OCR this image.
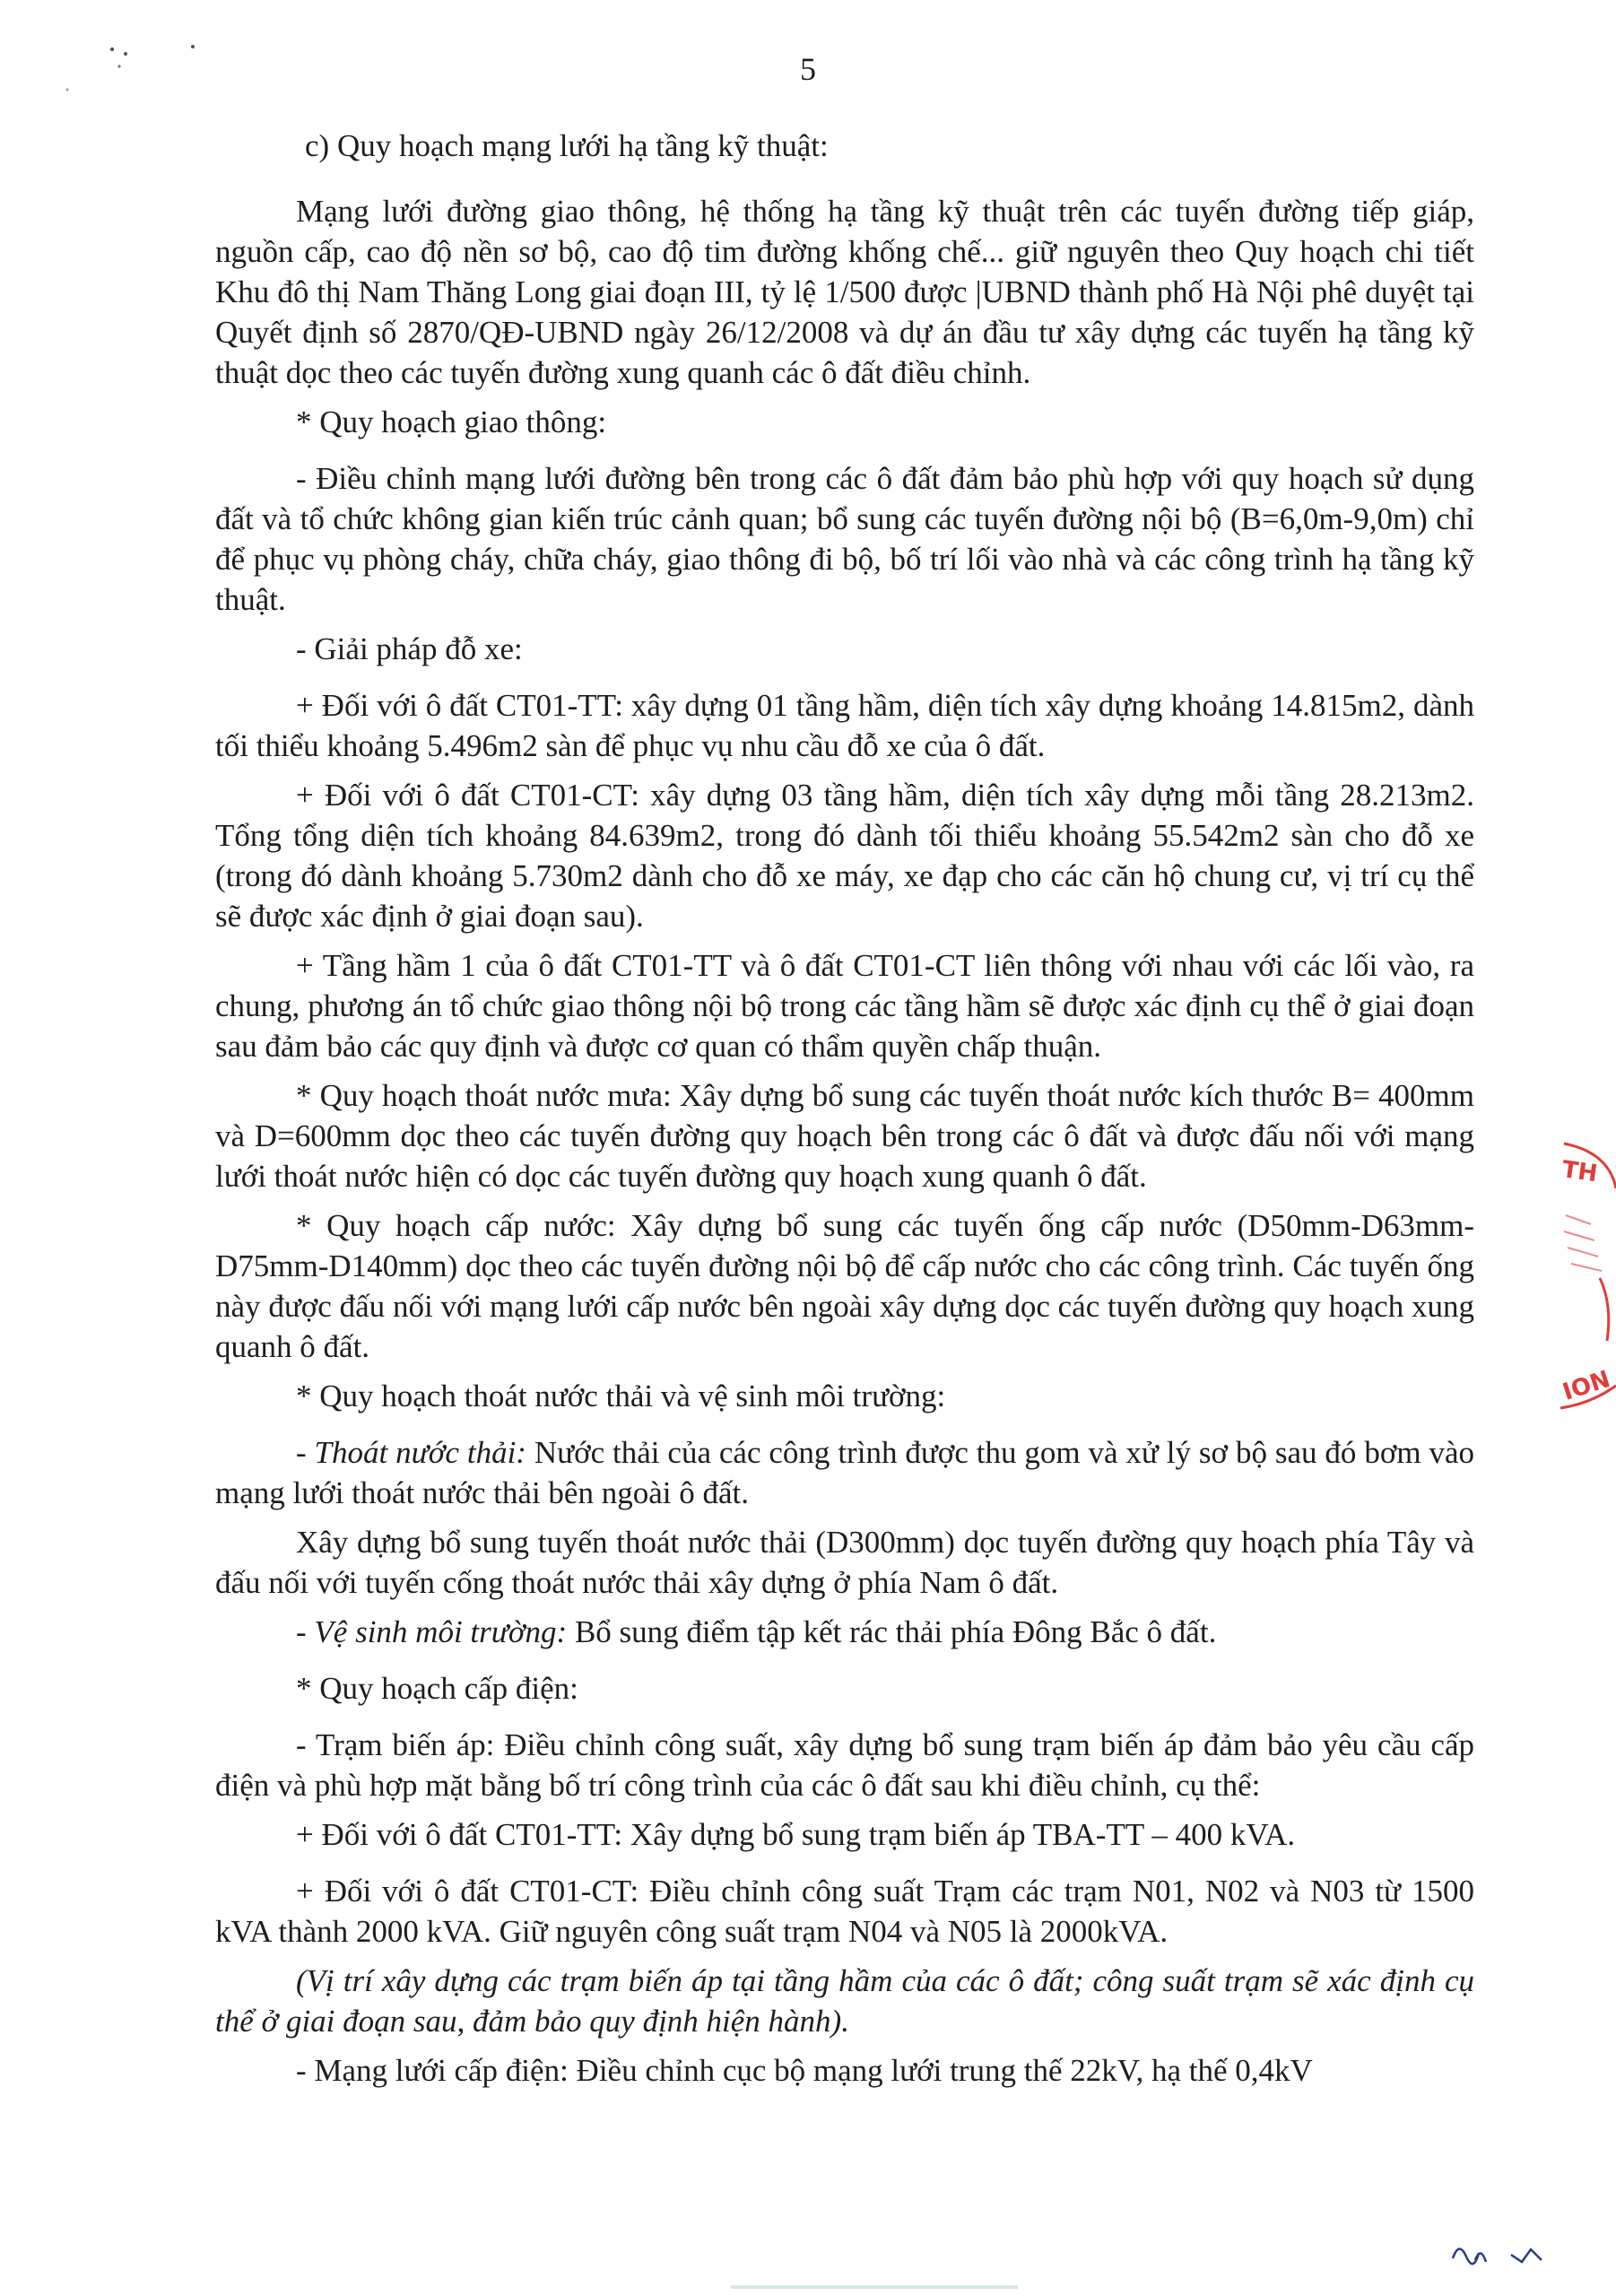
5

c) Quy hoạch mạng lưới hạ tầng kỹ thuật:

Mạng lưới đường giao thông, hệ thống hạ tầng kỹ thuật trên các tuyến đường tiếp giáp, nguồn cấp, cao độ nền sơ bộ, cao độ tim đường khống chế... giữ nguyên theo Quy hoạch chi tiết Khu đô thị Nam Thăng Long giai đoạn III, tỷ lệ 1/500 được |UBND thành phố Hà Nội phê duyệt tại Quyết định số 2870/QĐ-UBND ngày 26/12/2008 và dự án đầu tư xây dựng các tuyến hạ tầng kỹ thuật dọc theo các tuyến đường xung quanh các ô đất điều chỉnh.

* Quy hoạch giao thông:

- Điều chỉnh mạng lưới đường bên trong các ô đất đảm bảo phù hợp với quy hoạch sử dụng đất và tổ chức không gian kiến trúc cảnh quan; bổ sung các tuyến đường nội bộ (B=6,0m-9,0m) chỉ để phục vụ phòng cháy, chữa cháy, giao thông đi bộ, bố trí lối vào nhà và các công trình hạ tầng kỹ thuật.

- Giải pháp đỗ xe:

+ Đối với ô đất CT01-TT: xây dựng 01 tầng hầm, diện tích xây dựng khoảng 14.815m2, dành tối thiểu khoảng 5.496m2 sàn để phục vụ nhu cầu đỗ xe của ô đất.

+ Đối với ô đất CT01-CT: xây dựng 03 tầng hầm, diện tích xây dựng mỗi tầng 28.213m2. Tổng tổng diện tích khoảng 84.639m2, trong đó dành tối thiểu khoảng 55.542m2 sàn cho đỗ xe (trong đó dành khoảng 5.730m2 dành cho đỗ xe máy, xe đạp cho các căn hộ chung cư, vị trí cụ thể sẽ được xác định ở giai đoạn sau).

+ Tầng hầm 1 của ô đất CT01-TT và ô đất CT01-CT liên thông với nhau với các lối vào, ra chung, phương án tổ chức giao thông nội bộ trong các tầng hầm sẽ được xác định cụ thể ở giai đoạn sau đảm bảo các quy định và được cơ quan có thẩm quyền chấp thuận.

* Quy hoạch thoát nước mưa: Xây dựng bổ sung các tuyến thoát nước kích thước B= 400mm và D=600mm dọc theo các tuyến đường quy hoạch bên trong các ô đất và được đấu nối với mạng lưới thoát nước hiện có dọc các tuyến đường quy hoạch xung quanh ô đất.

* Quy hoạch cấp nước: Xây dựng bổ sung các tuyến ống cấp nước (D50mm-D63mm-D75mm-D140mm) dọc theo các tuyến đường nội bộ để cấp nước cho các công trình. Các tuyến ống này được đấu nối với mạng lưới cấp nước bên ngoài xây dựng dọc các tuyến đường quy hoạch xung quanh ô đất.

* Quy hoạch thoát nước thải và vệ sinh môi trường:

- Thoát nước thải: Nước thải của các công trình được thu gom và xử lý sơ bộ sau đó bơm vào mạng lưới thoát nước thải bên ngoài ô đất.

Xây dựng bổ sung tuyến thoát nước thải (D300mm) dọc tuyến đường quy hoạch phía Tây và đấu nối với tuyến cống thoát nước thải xây dựng ở phía Nam ô đất.

- Vệ sinh môi trường: Bổ sung điểm tập kết rác thải phía Đông Bắc ô đất.

* Quy hoạch cấp điện:

- Trạm biến áp: Điều chỉnh công suất, xây dựng bổ sung trạm biến áp đảm bảo yêu cầu cấp điện và phù hợp mặt bằng bố trí công trình của các ô đất sau khi điều chỉnh, cụ thể:

+ Đối với ô đất CT01-TT: Xây dựng bổ sung trạm biến áp TBA-TT – 400 kVA.

+ Đối với ô đất CT01-CT: Điều chỉnh công suất Trạm các trạm N01, N02 và N03 từ 1500 kVA thành 2000 kVA. Giữ nguyên công suất trạm N04 và N05 là 2000kVA.

(Vị trí xây dựng các trạm biến áp tại tầng hầm của các ô đất; công suất trạm sẽ xác định cụ thể ở giai đoạn sau, đảm bảo quy định hiện hành).

- Mạng lưới cấp điện: Điều chỉnh cục bộ mạng lưới trung thế 22kV, hạ thế 0,4kV

TH
ION
